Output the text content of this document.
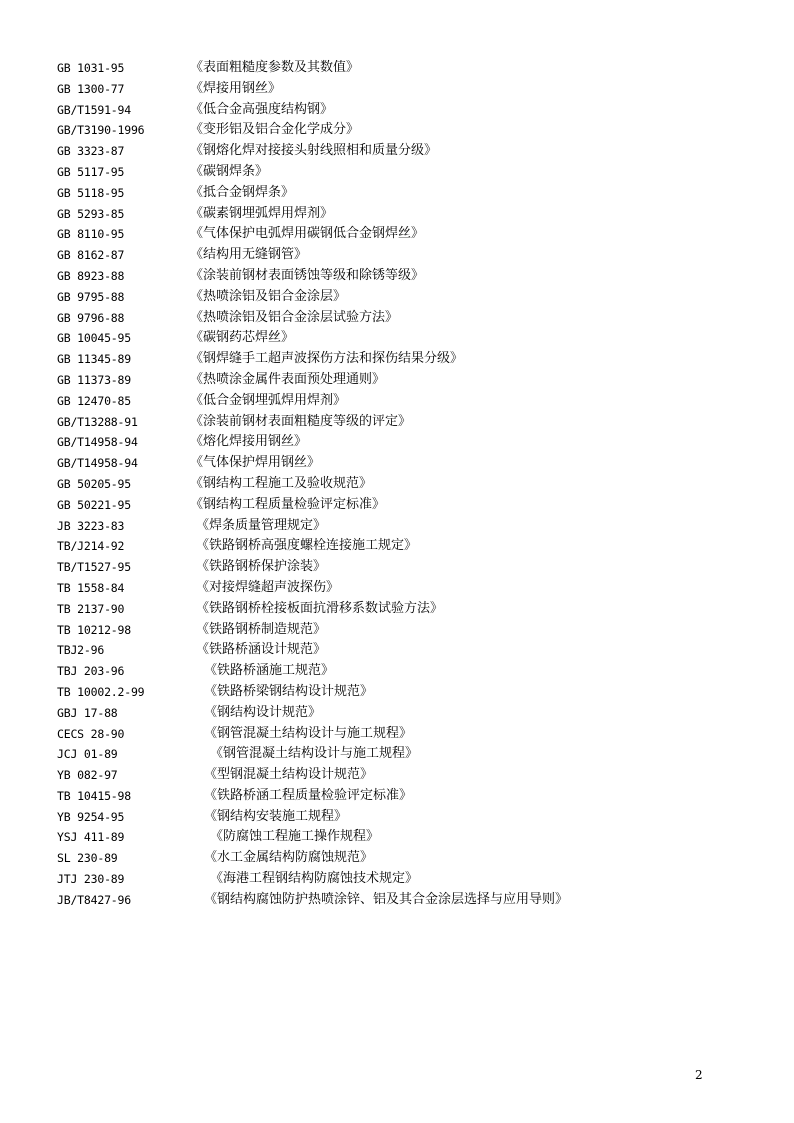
GB 1031-95	《表面粗糙度参数及其数值》
GB 1300-77	《焊接用钢丝》
GB/T1591-94	《低合金高强度结构钢》
GB/T3190-1996	《变形铝及铝合金化学成分》
GB 3323-87	《钢熔化焊对接接头射线照相和质量分级》
GB 5117-95	《碳钢焊条》
GB 5118-95	《抵合金钢焊条》
GB 5293-85	《碳素钢埋弧焊用焊剂》
GB 8110-95	《气体保护电弧焊用碳钢低合金钢焊丝》
GB 8162-87	《结构用无缝钢管》
GB 8923-88	《涂装前钢材表面锈蚀等级和除锈等级》
GB 9795-88	《热喷涂铝及铝合金涂层》
GB 9796-88	《热喷涂铝及铝合金涂层试验方法》
GB 10045-95	《碳钢药芯焊丝》
GB 11345-89	《钢焊缝手工超声波探伤方法和探伤结果分级》
GB 11373-89	《热喷涂金属件表面预处理通则》
GB 12470-85	《低合金钢埋弧焊用焊剂》
GB/T13288-91	《涂装前钢材表面粗糙度等级的评定》
GB/T14958-94	《熔化焊接用钢丝》
GB/T14958-94	《气体保护焊用钢丝》
GB 50205-95	《钢结构工程施工及验收规范》
GB 50221-95	《钢结构工程质量检验评定标准》
JB 3223-83	《焊条质量管理规定》
TB/J214-92	《铁路钢桥高强度螺栓连接施工规定》
TB/T1527-95	《铁路钢桥保护涂装》
TB 1558-84	《对接焊缝超声波探伤》
TB 2137-90	《铁路钢桥栓接板面抗滑移系数试验方法》
TB 10212-98	《铁路钢桥制造规范》
TBJ2-96	《铁路桥涵设计规范》
TBJ 203-96	《铁路桥涵施工规范》
TB 10002.2-99	《铁路桥梁钢结构设计规范》
GBJ 17-88	《钢结构设计规范》
CECS 28-90	《钢管混凝土结构设计与施工规程》
JCJ 01-89	《钢管混凝土结构设计与施工规程》
YB 082-97	《型钢混凝土结构设计规范》
TB 10415-98	《铁路桥涵工程质量检验评定标准》
YB 9254-95	《钢结构安装施工规程》
YSJ 411-89	《防腐蚀工程施工操作规程》
SL 230-89	《水工金属结构防腐蚀规范》
JTJ 230-89	《海港工程钢结构防腐蚀技术规定》
JB/T8427-96	《钢结构腐蚀防护热喷涂锌、铝及其合金涂层选择与应用导则》
2
